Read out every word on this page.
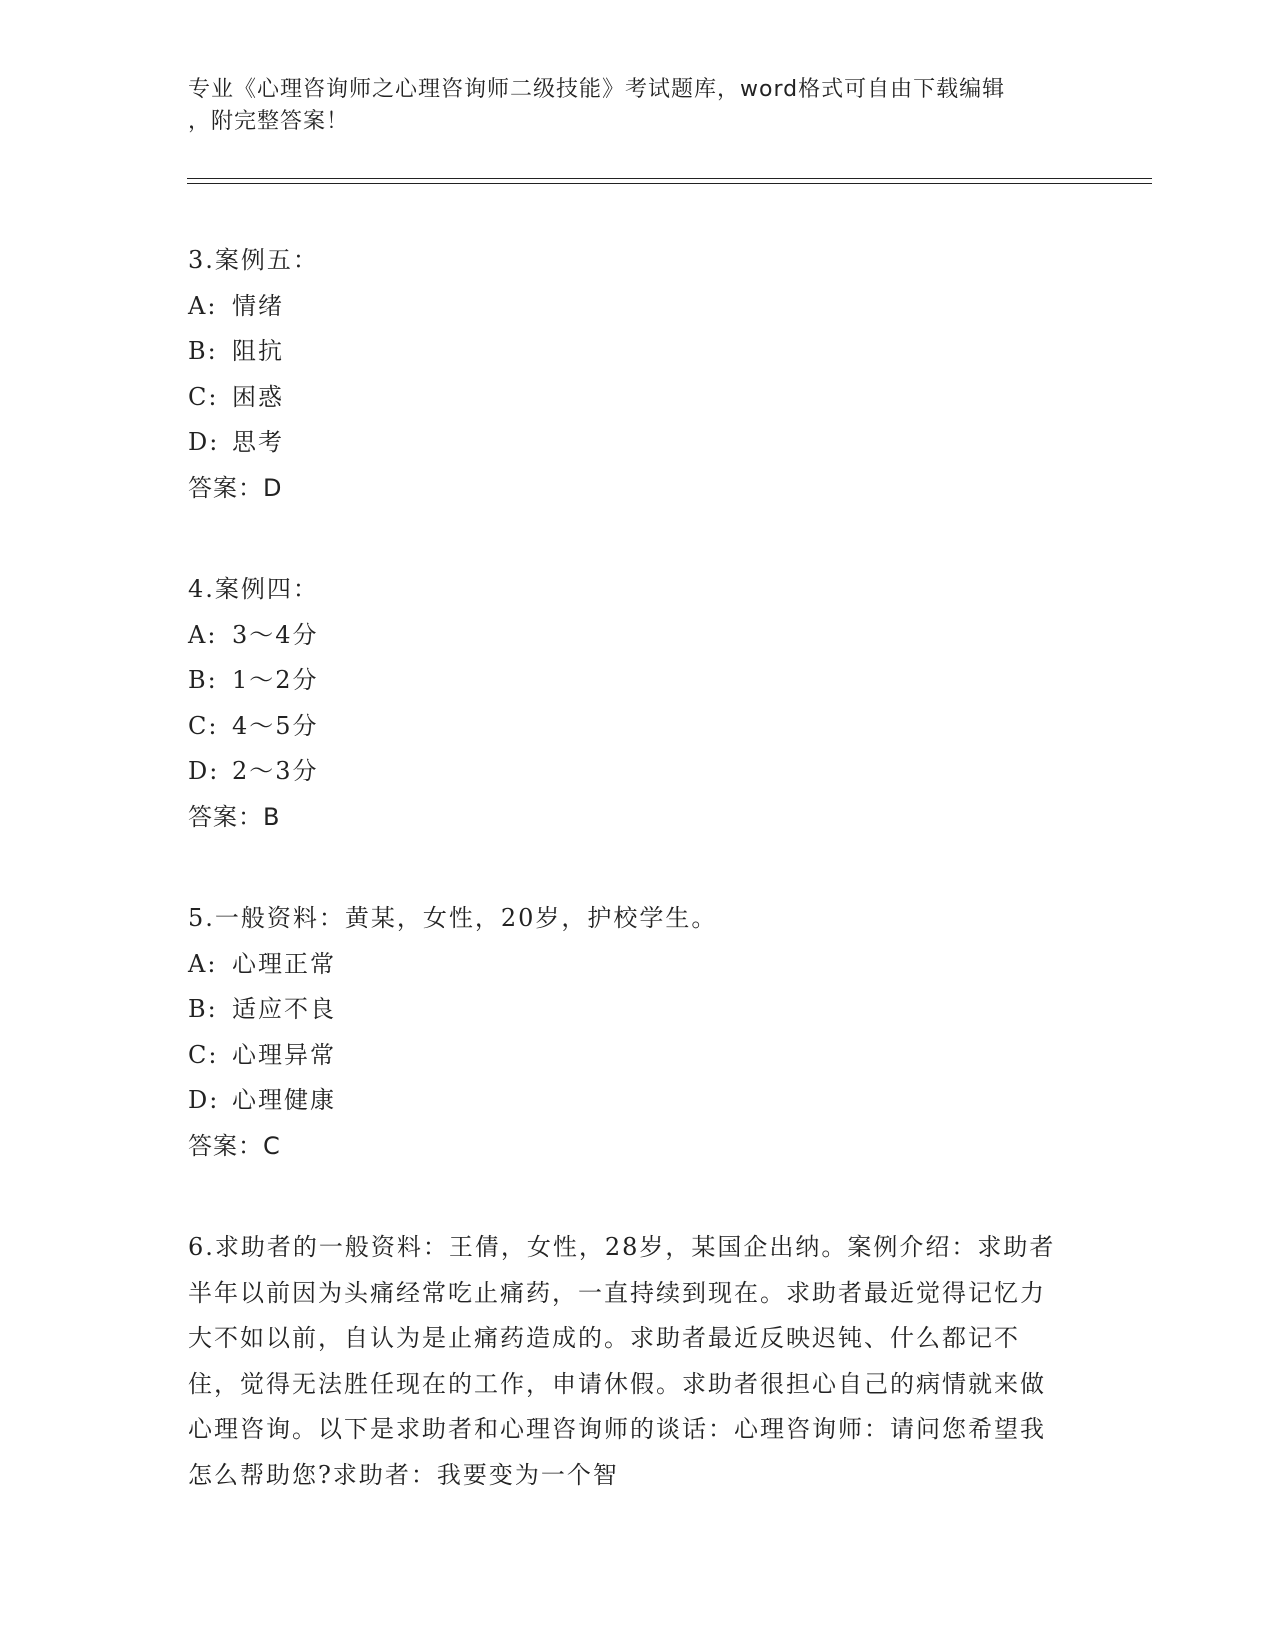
专业《心理咨询师之心理咨询师二级技能》考试题库，word格式可自由下载编辑
，附完整答案！
3.案例五：
A: 情绪
B: 阻抗
C: 困惑
D: 思考
答案：D
4.案例四：
A: 3～4分
B: 1～2分
C: 4～5分
D: 2～3分
答案：B
5.一般资料：黄某，女性，20岁，护校学生。
A: 心理正常
B: 适应不良
C: 心理异常
D: 心理健康
答案：C
6.求助者的一般资料：王倩，女性，28岁，某国企出纳。案例介绍：求助者半年以前因为头痛经常吃止痛药，一直持续到现在。求助者最近觉得记忆力大不如以前，自认为是止痛药造成的。求助者最近反映迟钝、什么都记不住，觉得无法胜任现在的工作，申请休假。求助者很担心自己的病情就来做心理咨询。以下是求助者和心理咨询师的谈话：心理咨询师：请问您希望我怎么帮助您?求助者：我要变为一个智
